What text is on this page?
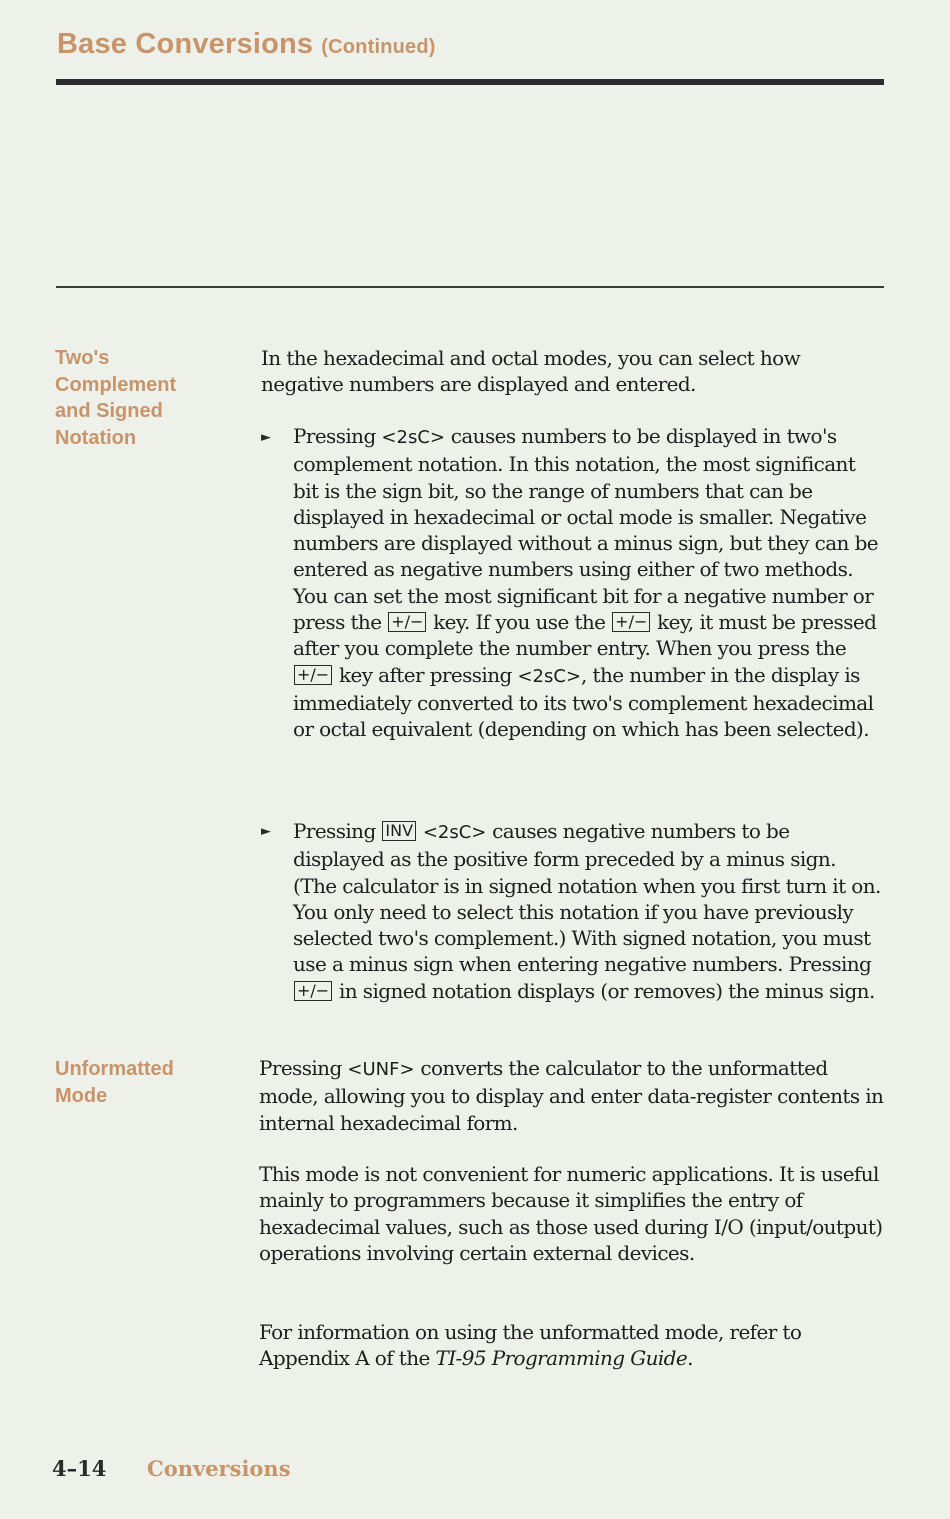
Base Conversions (Continued)
Two's
Complement
and Signed
Notation

In the hexadecimal and octal modes, you can select how negative numbers are displayed and entered.

► Pressing <2sC> causes numbers to be displayed in two's complement notation. In this notation, the most significant bit is the sign bit, so the range of numbers that can be displayed in hexadecimal or octal mode is smaller. Negative numbers are displayed without a minus sign, but they can be entered as negative numbers using either of two methods. You can set the most significant bit for a negative number or press the +/− key. If you use the +/− key, it must be pressed after you complete the number entry. When you press the +/− key after pressing <2sC>, the number in the display is immediately converted to its two's complement hexadecimal or octal equivalent (depending on which has been selected).

► Pressing INV <2sC> causes negative numbers to be displayed as the positive form preceded by a minus sign. (The calculator is in signed notation when you first turn it on. You only need to select this notation if you have previously selected two's complement.) With signed notation, you must use a minus sign when entering negative numbers. Pressing +/− in signed notation displays (or removes) the minus sign.

Unformatted
Mode

Pressing <UNF> converts the calculator to the unformatted mode, allowing you to display and enter data-register contents in internal hexadecimal form.

This mode is not convenient for numeric applications. It is useful mainly to programmers because it simplifies the entry of hexadecimal values, such as those used during I/O (input/output) operations involving certain external devices.

For information on using the unformatted mode, refer to Appendix A of the TI-95 Programming Guide.

4–14 Conversions
